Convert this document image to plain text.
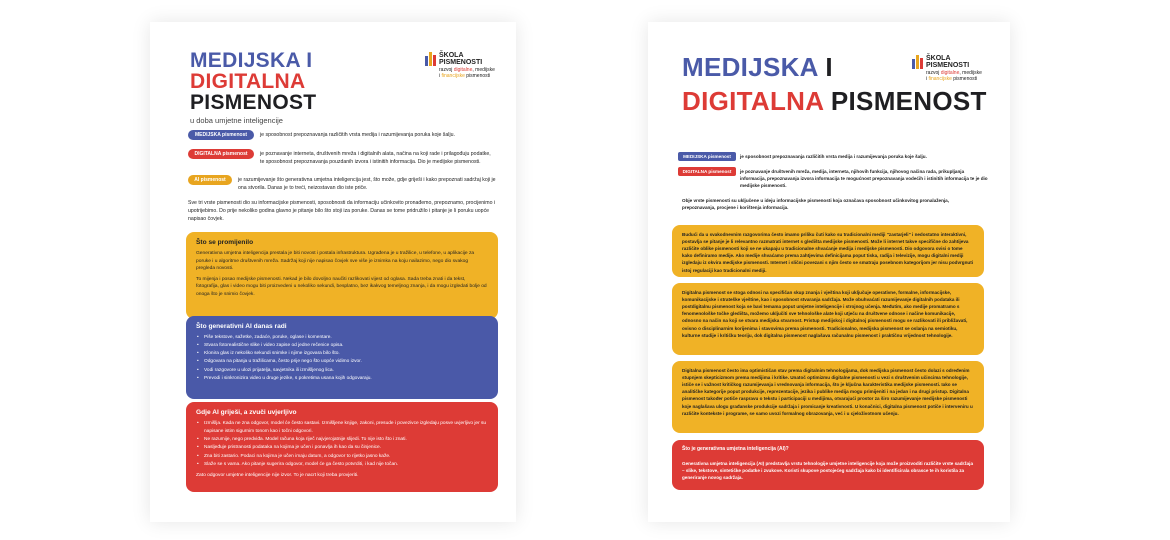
MEDIJSKA I
DIGITALNA
PISMENOST
u doba umjetne inteligencije
ŠKOLA
PISMENOSTI
razvoj digitalne, medijske
i financijske pismenosti
MEDIJSKA pismenost	je sposobnost prepoznavanja različitih vrsta medija i razumijevanja poruka koje šalju.
DIGITALNA pismenost	je poznavanje interneta, društvenih mreža i digitalnih alata, načina na koji rade i prilagođuju podatke, te sposobnost prepoznavanja pouzdanih izvora i istinitih informacija. Dio je medijske pismenosti.
AI pismenost	je razumijevanje što generativna umjetna inteligencija jest, što može, gdje griješi i kako prepoznati sadržaj koji je ona stvorila. Danas je to treći, neizostavan dio iste priče.
Sve tri vrste pismenosti dio su informacijske pismenosti, sposobnosti da informaciju učinkovito pronađemo, prepoznamo, procijenimo i upotrijebimo. Do prije nekoliko godina glavno je pitanje bilo što stoji iza poruke. Danas se tome pridružilo i pitanje je li poruku uopće napisao čovjek.
Što se promijenilo

Generativna umjetna inteligencija prestala je biti novost i postala infrastruktura. Ugrađena je u tražilice, u telefone, u aplikacije za poruke i u algoritme društvenih mreža. Sadržaj koji nije napisao čovjek sve više je iznimka na koju nailazimo, nego dio svakog pregleda novosti.

To mijenja i posao medijske pismenosti. Nekad je bilo dovoljno naučiti razlikovati vijest od oglasa. Sada treba znati i da tekst, fotografija, glas i video mogu biti proizvedeni u nekoliko sekundi, besplatno, bez ikakvog temeljnog znanja, i da mogu izgledati bolje od onoga što je snimio čovjek.

Što generativni AI danas radi
• Piše tekstove, sažetke, zadaće, poruke, oglase i komentare.
• Stvara fotorealistične slike i video zapise od jedne rečenice opisa.
• Klonira glas iz nekoliko sekundi snimke i njime izgovara bilo što.
• Odgovara na pitanja u tražilicama, često prije nego što uopće vidimo izvor.
• Vodi razgovore u ulozi prijatelja, savjetnika ili izmišljenog lica.
• Prevodi i sinkronizira video u druge jezike, s pokretima usana kojih odgovaraju.
Gdje AI griješi, a zvuči uvjerljivo
• Izmišlja. Kada ne zna odgovor, model će često sastavi. Izmišljene knjige, zakoni, presude i povezivce izgledaju posve uvjerljivo jer su napisane istim sigurnim tonom kao i točni odgovori.
• Ne razumije, nego predviđa. Model računa koja riječ najvjerojatnije slijedi. To nije isto što i znati.
• Nasljeđuje pristranosti podataka na kojima je učen i ponavlja ih kao da su činjenice.
• Zna biti zastario. Podaci na kojima je učen imaju datum, a odgovor to rijetko jasno kaže.
• Slaže se s vama. Ako pitanje sugerira odgovor, model će ga često potvrditi, i kad nije točan.

Zato odgovor umjetne inteligencije nije izvor. To je nacrt koji treba provjeriti.

MEDIJSKA I
DIGITALNA PISMENOST
ŠKOLA
PISMENOSTI
razvoj digitalne, medijske
i financijske pismenosti
MEDIJSKA pismenost	je sposobnost prepoznavanja različitih vrsta medija i razumijevanja poruka koje šalju.
DIGITALNA pismenost	je poznavanje društvenih mreža, medija, interneta, njihovih funkcija, njihovog načina rada, prikupljanja informacija, prepoznavanja izvora informacija te mogućnost prepoznavanja vodećih i istinitih informacija te je dio medijske pismenosti.
Obje vrste pismenosti su uključene u ideju informacijske pismenosti koja označava sposobnost učinkovitog pronalaženja, prepoznavanja, procjene i korištenja informacija.
Budući da u svakodnevnim razgovorima često imamo priliku čuti kako su tradicionalni mediji "zastarjeli" i nedostatno interaktivni, postavlja se pitanje je li relevantno razmatrati internet s gledišta medijske pismenosti. Može li internet takve specifične do zahtijeva različite oblike pismenosti koji se ne ukapaju u tradicionalne shvaćanje medija i medijske pismenosti. Dio odgovora ovisi o tome kako definiramo medije. Ako medije shvaćamo prema zahtjevima definicijama poput tiska, radija i televizije, mogu digitalni mediji izgledaju iz okvira medijske pismenosti. Internet i slični povezani s njim često se smatraju posebnom kategorijom jer nisu podvrgnuti istoj regulaciji kao tradicionalni mediji.
Digitalna pismenost se stoga odnosi na specifičan skup znanja i vještina koji uključuje operativne, formalne, informacijske, komunikacijske i strateške vještine, kao i sposobnost stvaranja sadržaja. Može obuhvaćati razumijevanje digitalnih podataka ili postdigitalnu pismenost koja se bavi temama poput umjetne inteligencije i strojnog učenja. Međutim, ako medije promatramo s fenomenološke točke gledišta, možemo uključiti sve tehnološke alate koji utječu na društvene odnose i načine komunikacije, odnosno na način na koji se stvara medijska stvarnost. Pristup medijskoj i digitalnoj pismenosti mogu se razlikovati ili približavati, ovisno o disciplinarnim korijenima i stavovima prema pismenosti. Tradicionalno, medijska pismenost se oslanja na semiotiku, kulturne studije i kritičku teoriju, dok digitalna pismenost naglašava računalnu pismenost i praktičnu vrijednost tehnologije.
Digitalna pismenost često ima optimističan stav prema digitalnim tehnologijama, dok medijska pismenost često dolazi s određenim stupnjem skepticizmom prema medijima i kritike. Unatoč optimizmu digitalne pismenosti u vezi s društvenim učincima tehnologije, ističe se i važnost kritičkog razumijevanja i vrednovanja informacija, što je ključna karakteristika medijske pismenosti. Iako se analitičke kategorije poput produkcije, reprezentacije, jezika i publike medija mogu primijeniti i na jedan i na drugi pristup. Digitalna pismenost također potiče raspravu o tekstu i participaciji u medijima, otvarajući prostor za širo razumijevanje medijske pismenosti koje naglašava ulogu građanske produkcije sadržaja i promicanje kreativnosti. U konačnici, digitalna pismenost potiče i interveniru u različite kontekste i programe, se samo uvozi formalnog obrazovanja, već i u cjeloživotnom učenju.
Što je generativna umjetna inteligencija (AI)?
Generativna umjetna inteligencija (AI) predstavlja vrstu tehnologije umjetne inteligencije koja može proizvoditi različite vrste sadržaja – slike, tekstove, sintetičke podatke i zvukove. Koristi skupove postojećeg sadržaja kako bi identificirala obrasce te ih koristila za generiranje novog sadržaja.
